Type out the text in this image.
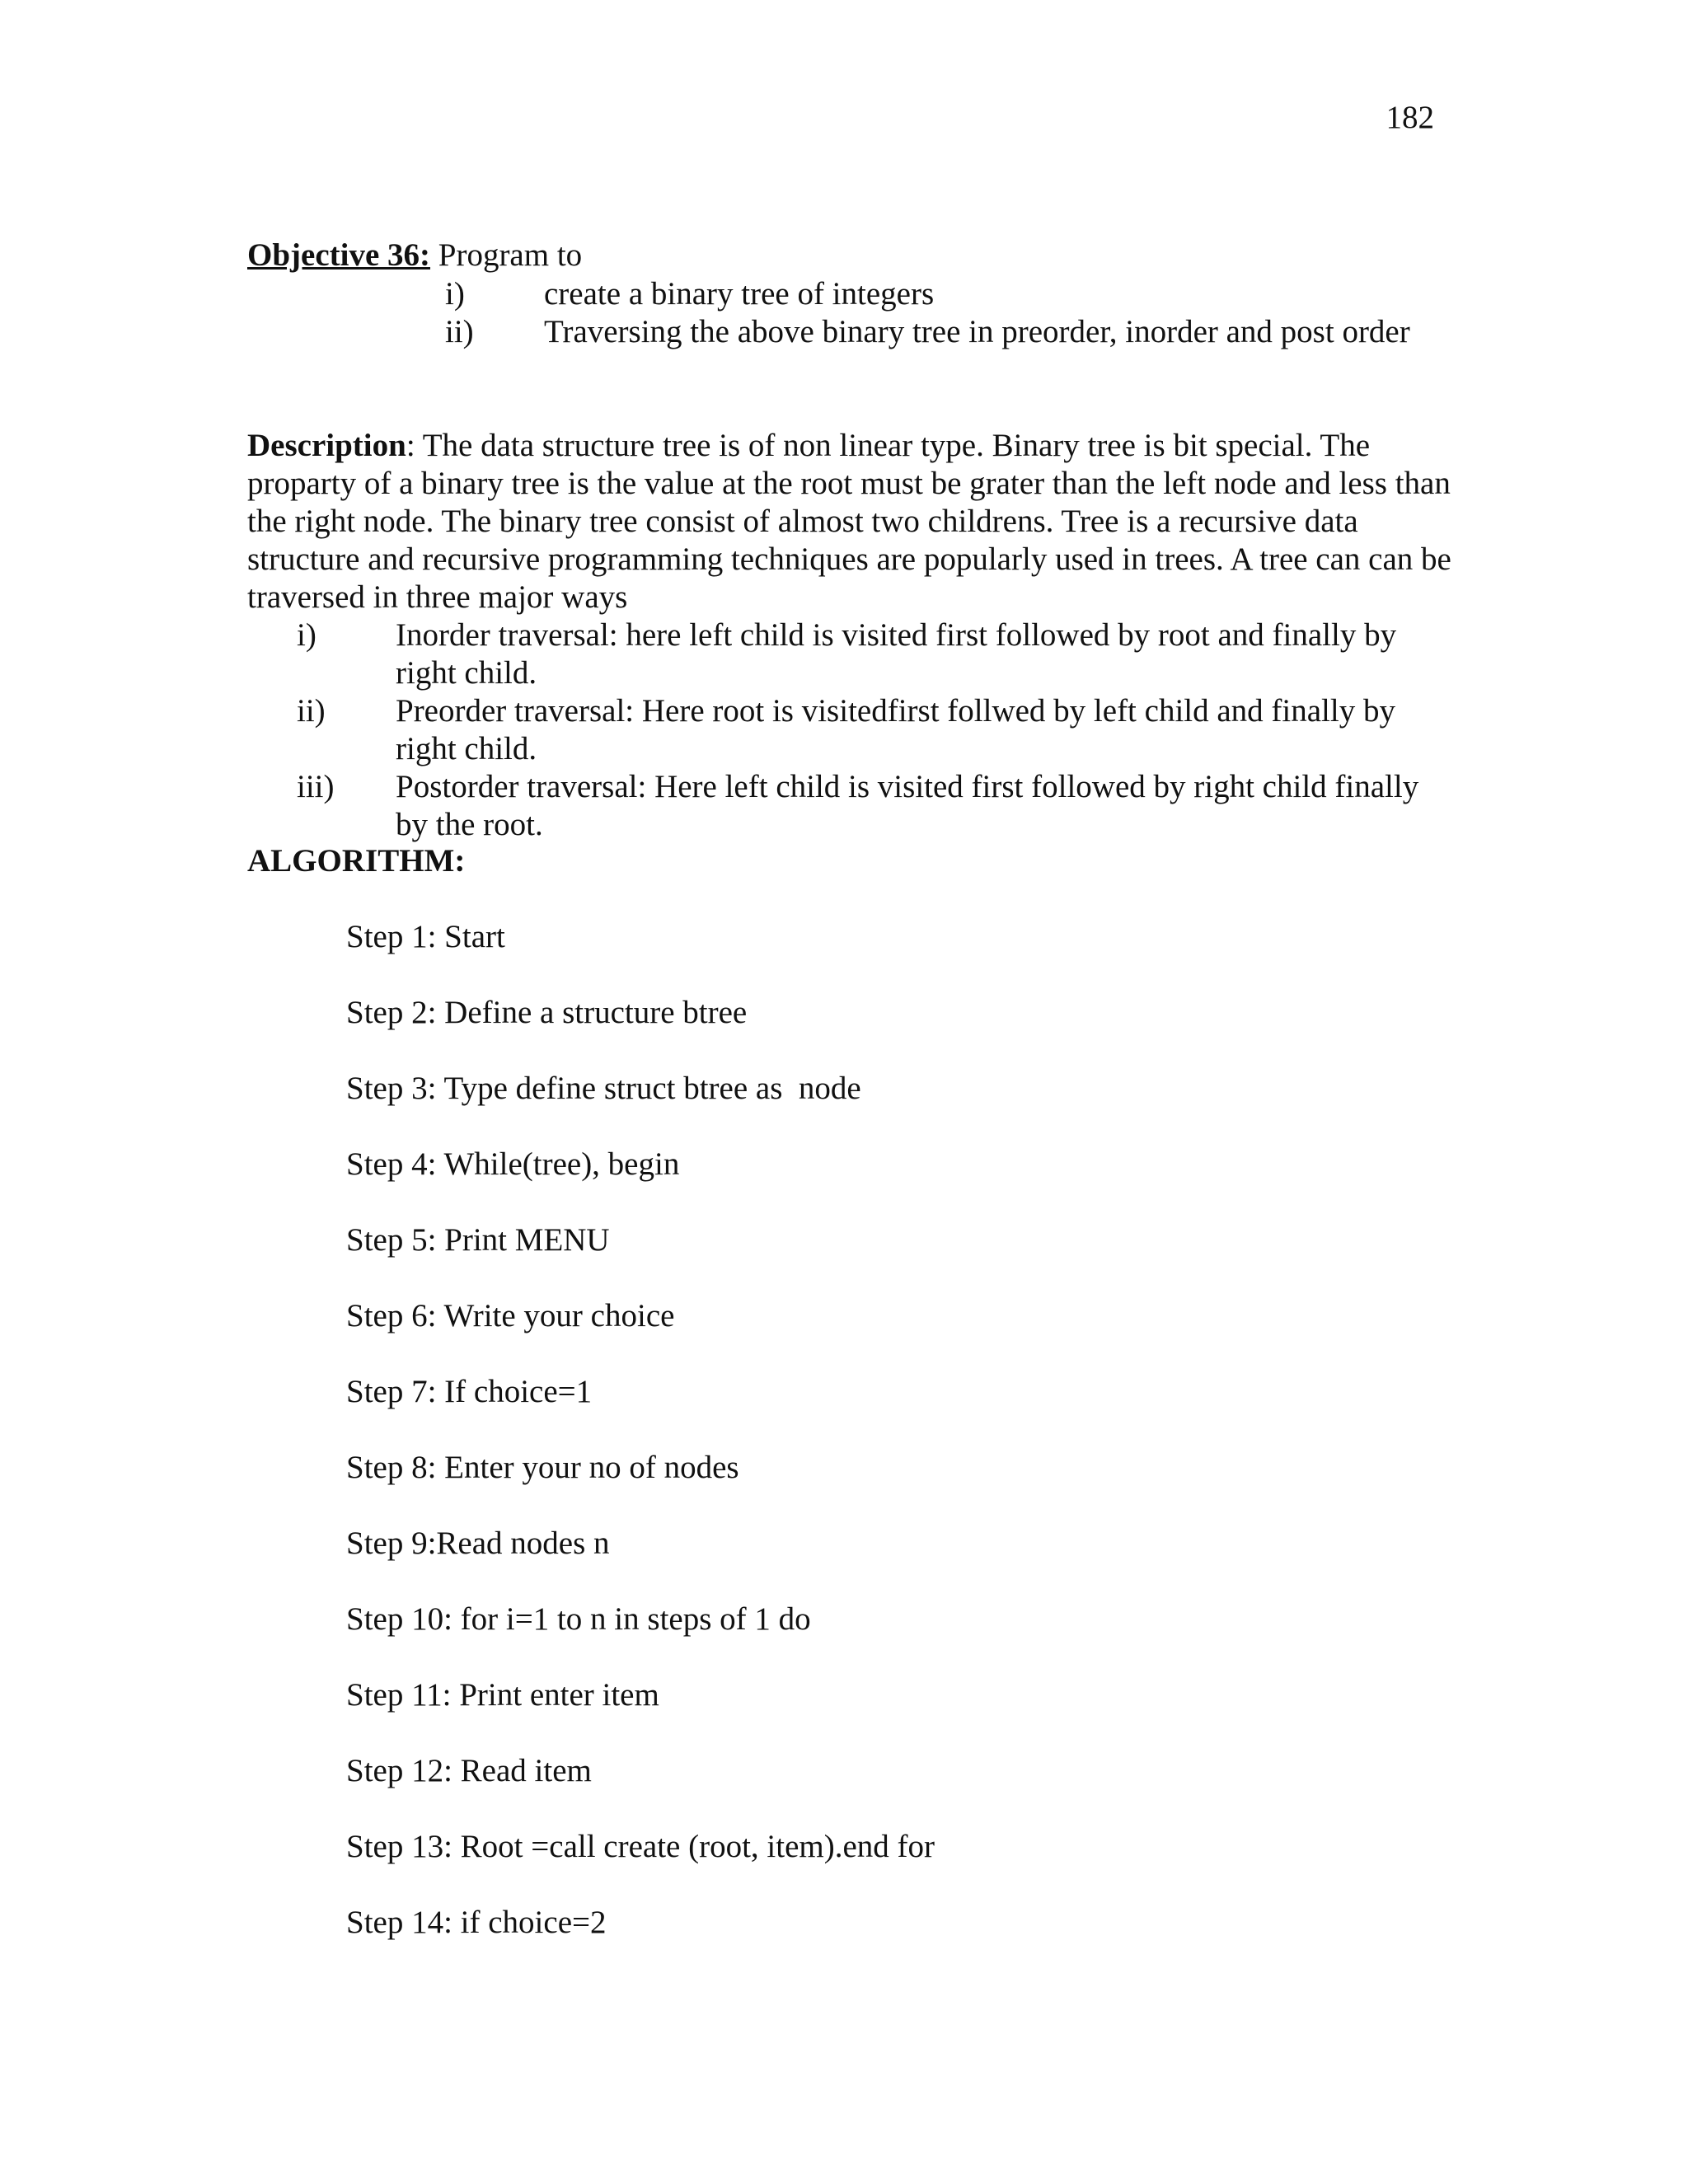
182
Objective 36: Program to
i)	create a binary tree of integers
ii)	Traversing the above binary tree in preorder, inorder and post order
Description: The data structure tree is of non linear type. Binary tree is bit special. The proparty of a binary tree is the value at the root must be grater than the left node and less than the right node. The binary tree consist of almost two childrens. Tree is a recursive data structure and recursive programming techniques are popularly used in trees. A tree can can be traversed in three major ways
i)	Inorder traversal: here left child is visited first followed by root and finally by right child.
ii)	Preorder traversal: Here root is visitedfirst follwed by left child and finally by right child.
iii)	Postorder traversal: Here left child is visited first followed by right child finally by the root.
ALGORITHM:
Step 1: Start
Step 2: Define a structure btree
Step 3: Type define struct btree as  node
Step 4: While(tree), begin
Step 5: Print MENU
Step 6: Write your choice
Step 7: If choice=1
Step 8: Enter your no of nodes
Step 9:Read nodes n
Step 10: for i=1 to n in steps of 1 do
Step 11: Print enter item
Step 12: Read item
Step 13: Root =call create (root, item).end for
Step 14: if choice=2
